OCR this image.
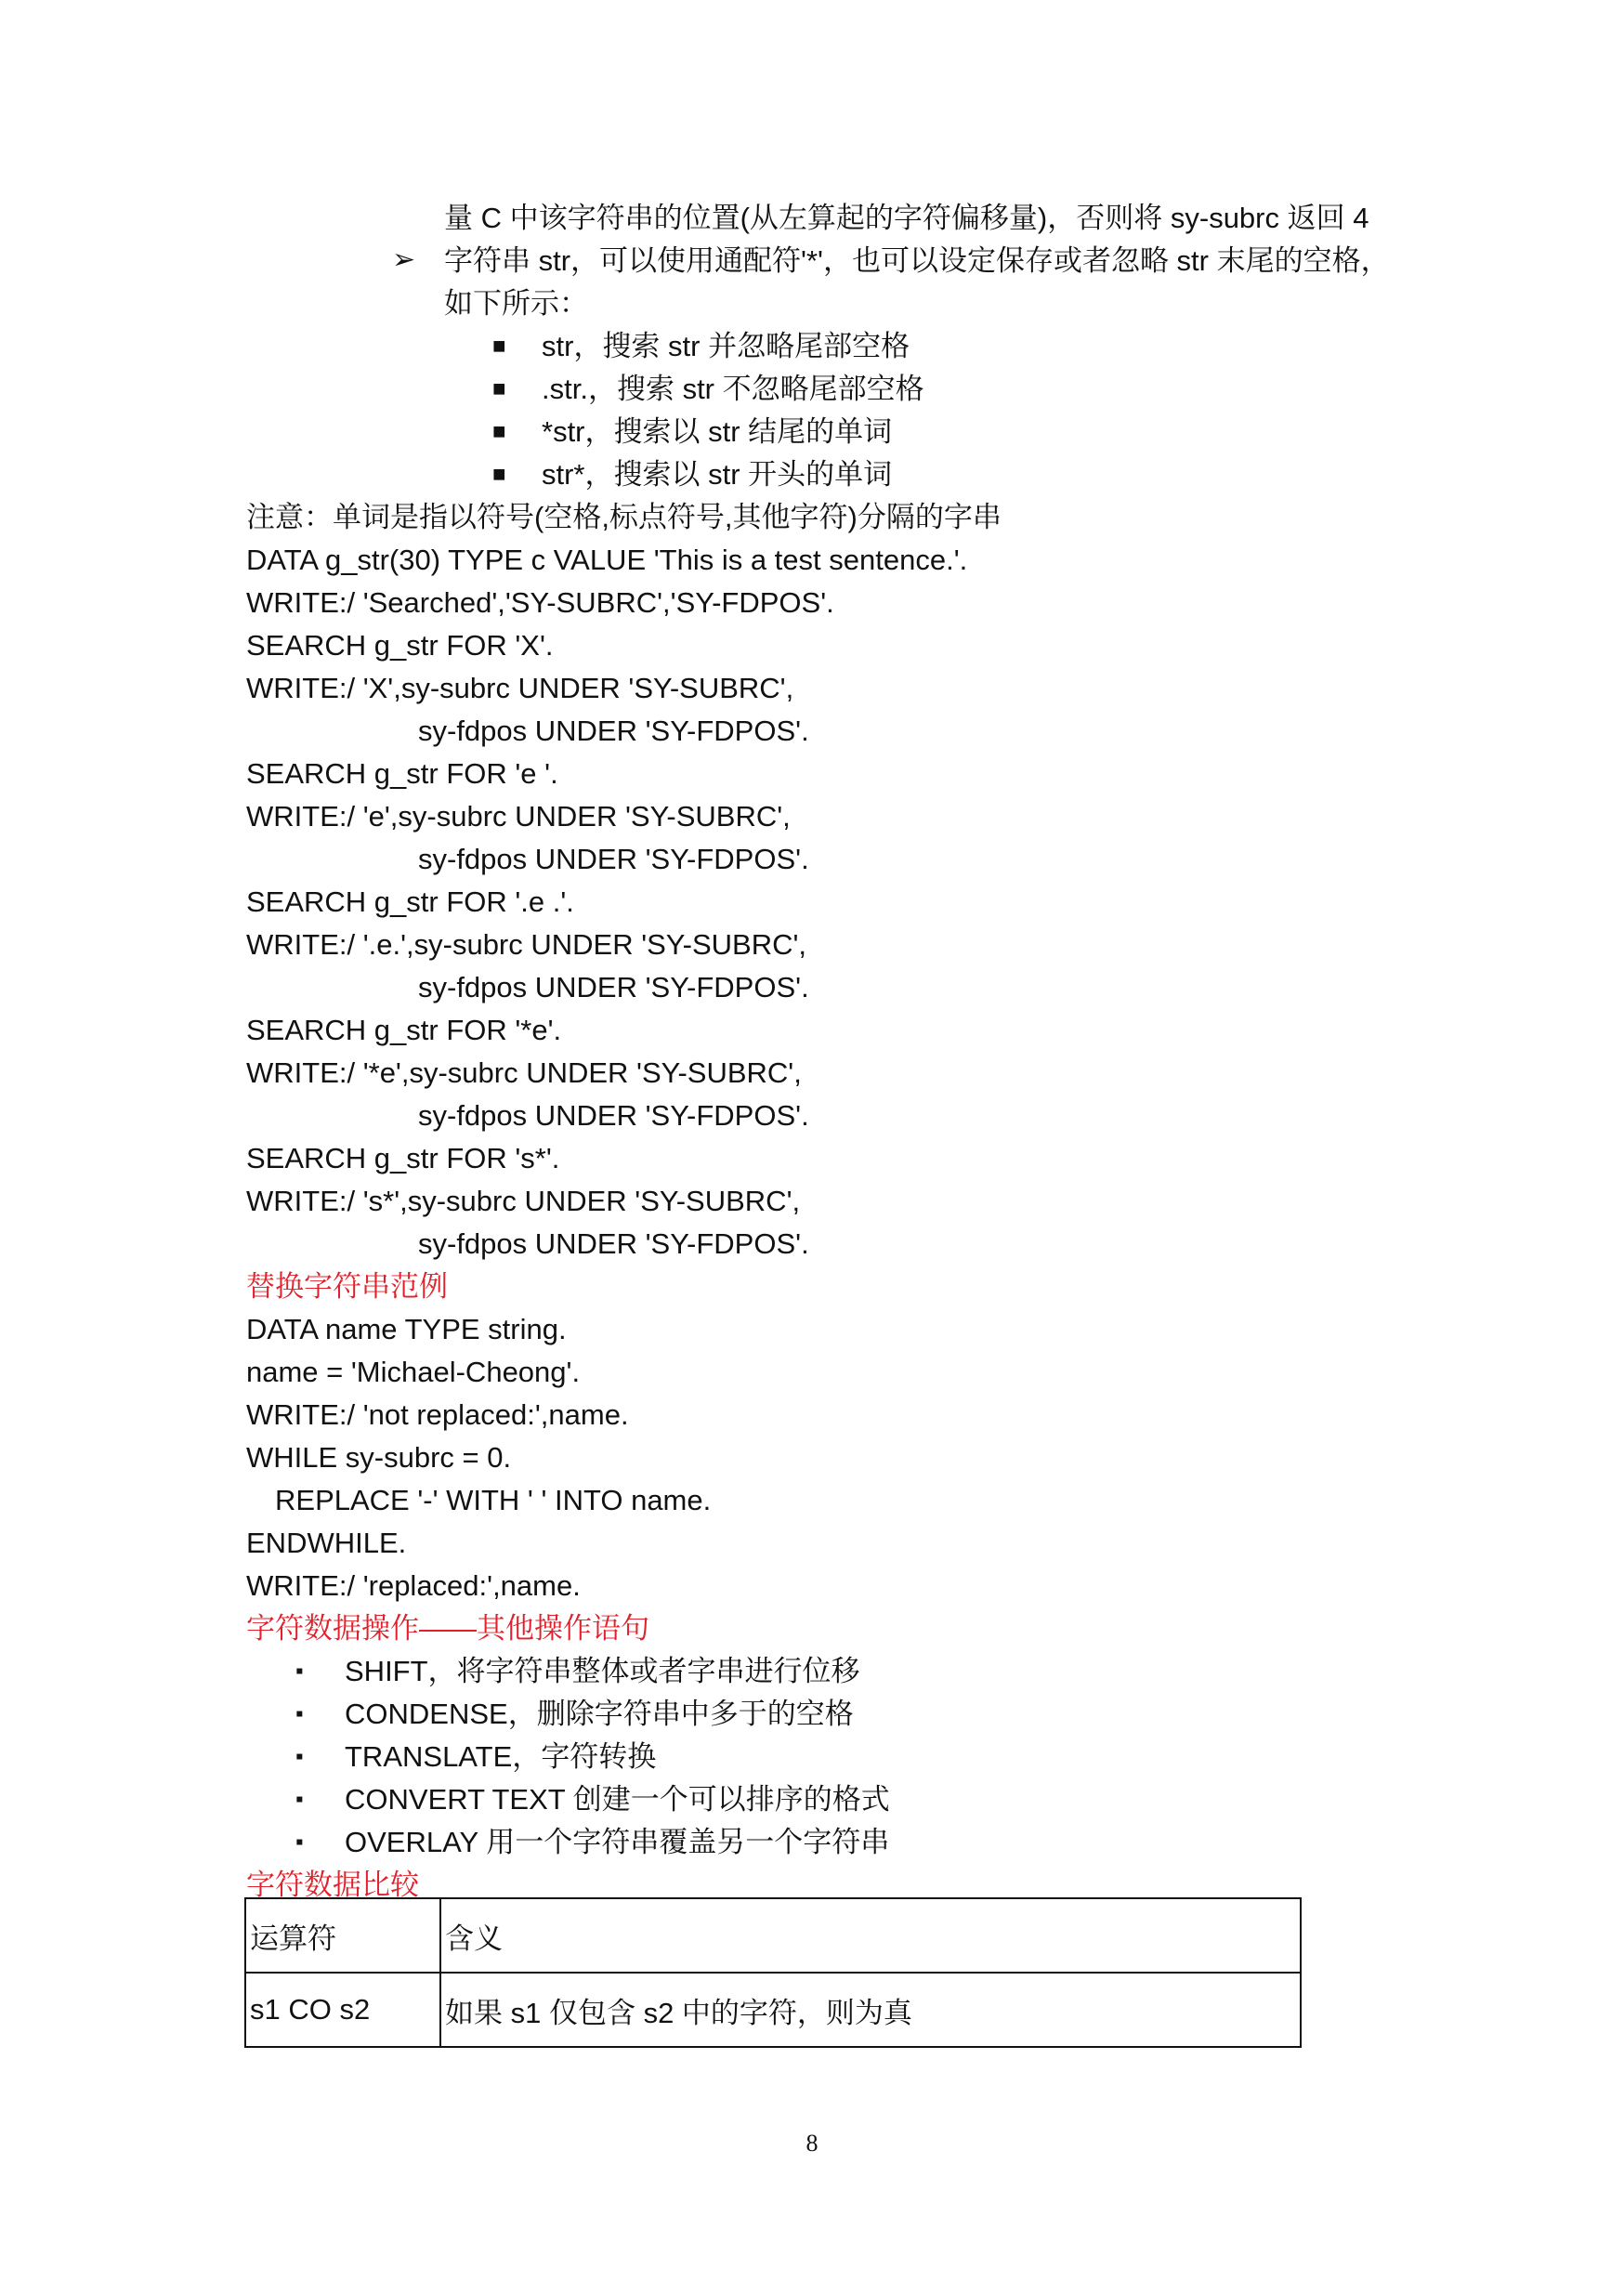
量 C 中该字符串的位置(从左算起的字符偏移量)，否则将 sy-subrc 返回 4
➢ 字符串 str，可以使用通配符'*'，也可以设定保存或者忽略 str 末尾的空格，
如下所示：
■ str，搜索 str 并忽略尾部空格
■ .str.，搜索 str 不忽略尾部空格
■ *str，搜索以 str 结尾的单词
■ str*，搜索以 str 开头的单词
注意：单词是指以符号(空格,标点符号,其他字符)分隔的字串
DATA g_str(30) TYPE c VALUE 'This is a test sentence.'.
WRITE:/ 'Searched','SY-SUBRC','SY-FDPOS'.
SEARCH g_str FOR 'X'.
WRITE:/ 'X',sy-subrc UNDER 'SY-SUBRC',
sy-fdpos UNDER 'SY-FDPOS'.
SEARCH g_str FOR 'e '.
WRITE:/ 'e',sy-subrc UNDER 'SY-SUBRC',
sy-fdpos UNDER 'SY-FDPOS'.
SEARCH g_str FOR '.e .'.
WRITE:/ '.e.',sy-subrc UNDER 'SY-SUBRC',
sy-fdpos UNDER 'SY-FDPOS'.
SEARCH g_str FOR '*e'.
WRITE:/ '*e',sy-subrc UNDER 'SY-SUBRC',
sy-fdpos UNDER 'SY-FDPOS'.
SEARCH g_str FOR 's*'.
WRITE:/ 's*',sy-subrc UNDER 'SY-SUBRC',
sy-fdpos UNDER 'SY-FDPOS'.
替换字符串范例
DATA name TYPE string.
name = 'Michael-Cheong'.
WRITE:/ 'not replaced:',name.
WHILE sy-subrc = 0.
REPLACE '-' WITH ' ' INTO name.
ENDWHILE.
WRITE:/ 'replaced:',name.
字符数据操作——其他操作语句
▪ SHIFT，将字符串整体或者字串进行位移
▪ CONDENSE，删除字符串中多于的空格
▪ TRANSLATE，字符转换
▪ CONVERT TEXT 创建一个可以排序的格式
▪ OVERLAY 用一个字符串覆盖另一个字符串
字符数据比较
运算符	含义
s1 CO s2	如果 s1 仅包含 s2 中的字符，则为真
8
